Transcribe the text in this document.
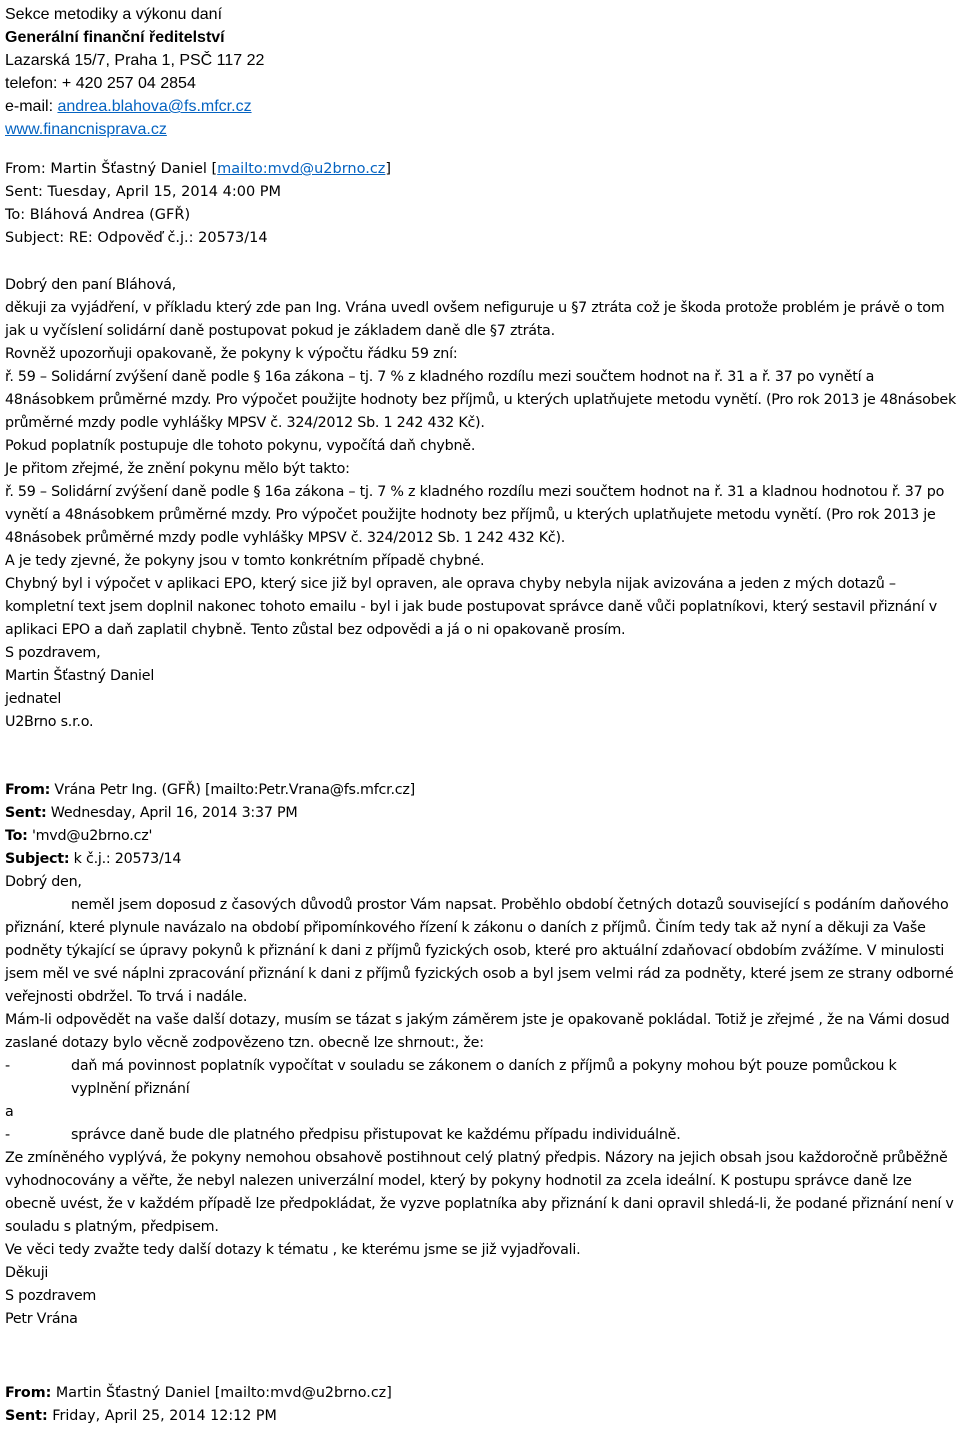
Sekce metodiky a výkonu daní
Generální finanční ředitelství
Lazarská 15/7, Praha 1, PSČ 117 22
telefon: + 420 257 04 2854
e-mail: andrea.blahova@fs.mfcr.cz
www.financnisprava.cz
From: Martin Šťastný Daniel [mailto:mvd@u2brno.cz]
Sent: Tuesday, April 15, 2014 4:00 PM
To: Bláhová Andrea (GFŘ)
Subject: RE: Odpověď č.j.: 20573/14

Dobrý den paní Bláhová,

děkuji za vyjádření, v příkladu který zde pan Ing. Vrána uvedl ovšem nefiguruje u §7 ztráta což je škoda protože problém je právě o tom jak u vyčíslení solidární daně postupovat pokud je základem daně dle §7 ztráta.

Rovněž upozorňuji opakovaně, že pokyny k výpočtu řádku 59 zní:

ř. 59 – Solidární zvýšení daně podle § 16a zákona – tj. 7 % z kladného rozdílu mezi součtem hodnot na ř. 31 a ř. 37 po vynětí a 48násobkem průměrné mzdy. Pro výpočet použijte hodnoty bez příjmů, u kterých uplatňujete metodu vynětí. (Pro rok 2013 je 48násobek průměrné mzdy podle vyhlášky MPSV č. 324/2012 Sb. 1 242 432 Kč).

Pokud poplatník postupuje dle tohoto pokynu, vypočítá daň chybně.

Je přitom zřejmé, že znění pokynu mělo být takto:

ř. 59 – Solidární zvýšení daně podle § 16a zákona – tj. 7 % z kladného rozdílu mezi součtem hodnot na ř. 31 a kladnou hodnotou ř. 37 po vynětí a 48násobkem průměrné mzdy. Pro výpočet použijte hodnoty bez příjmů, u kterých uplatňujete metodu vynětí. (Pro rok 2013 je 48násobek průměrné mzdy podle vyhlášky MPSV č. 324/2012 Sb. 1 242 432 Kč).

A je tedy zjevné, že pokyny jsou v tomto konkrétním případě chybné.

Chybný byl i výpočet v aplikaci EPO, který sice již byl opraven, ale oprava chyby nebyla nijak avizována a jeden z mých dotazů – kompletní text jsem doplnil nakonec tohoto emailu - byl i jak bude postupovat správce daně vůči poplatníkovi, který sestavil přiznání v aplikaci EPO a daň zaplatil chybně. Tento zůstal bez odpovědi a já o ni opakovaně prosím.

S pozdravem,

Martin Šťastný Daniel

jednatel

U2Brno s.r.o.

From: Vrána Petr Ing. (GFŘ) [mailto:Petr.Vrana@fs.mfcr.cz]

Sent: Wednesday, April 16, 2014 3:37 PM

To: 'mvd@u2brno.cz'

Subject: k č.j.: 20573/14

Dobrý den,

neměl jsem doposud z časových důvodů prostor Vám napsat. Proběhlo období četných dotazů související s podáním daňového přiznání, které plynule navázalo na období připomínkového řízení k zákonu o daních z příjmů. Činím tedy tak až nyní a děkuji za Vaše podněty týkající se úpravy pokynů k přiznání k dani z příjmů fyzických osob, které pro aktuální zdaňovací obdobím zvážíme. V minulosti jsem měl ve své náplni zpracování přiznání k dani z příjmů fyzických osob a byl jsem velmi rád za podněty, které jsem ze strany odborné veřejnosti obdržel. To trvá i nadále.

Mám-li odpovědět na vaše další dotazy, musím se tázat s jakým záměrem jste je opakovaně pokládal. Totiž je zřejmé , že na Vámi dosud zaslané dotazy bylo věcně zodpovězeno tzn. obecně lze shrnout:, že:

-	daň má povinnost poplatník vypočítat v souladu se zákonem o daních z příjmů a pokyny mohou být pouze pomůckou k vyplnění přiznání

a

-	správce daně bude dle platného předpisu přistupovat ke každému případu individuálně.

Ze zmíněného vyplývá, že pokyny nemohou obsahově postihnout celý platný předpis. Názory na jejich obsah jsou každoročně průběžně vyhodnocovány a věřte, že nebyl nalezen univerzální model, který by pokyny hodnotil za zcela ideální. K postupu správce daně lze obecně uvést, že v každém případě lze předpokládat, že vyzve poplatníka aby přiznání k dani opravil shledá-li, že podané přiznání není v souladu s platným, předpisem.

Ve věci tedy zvažte tedy další dotazy k tématu , ke kterému jsme se již vyjadřovali.

Děkuji

S pozdravem

Petr Vrána

From: Martin Šťastný Daniel [mailto:mvd@u2brno.cz]

Sent: Friday, April 25, 2014 12:12 PM
